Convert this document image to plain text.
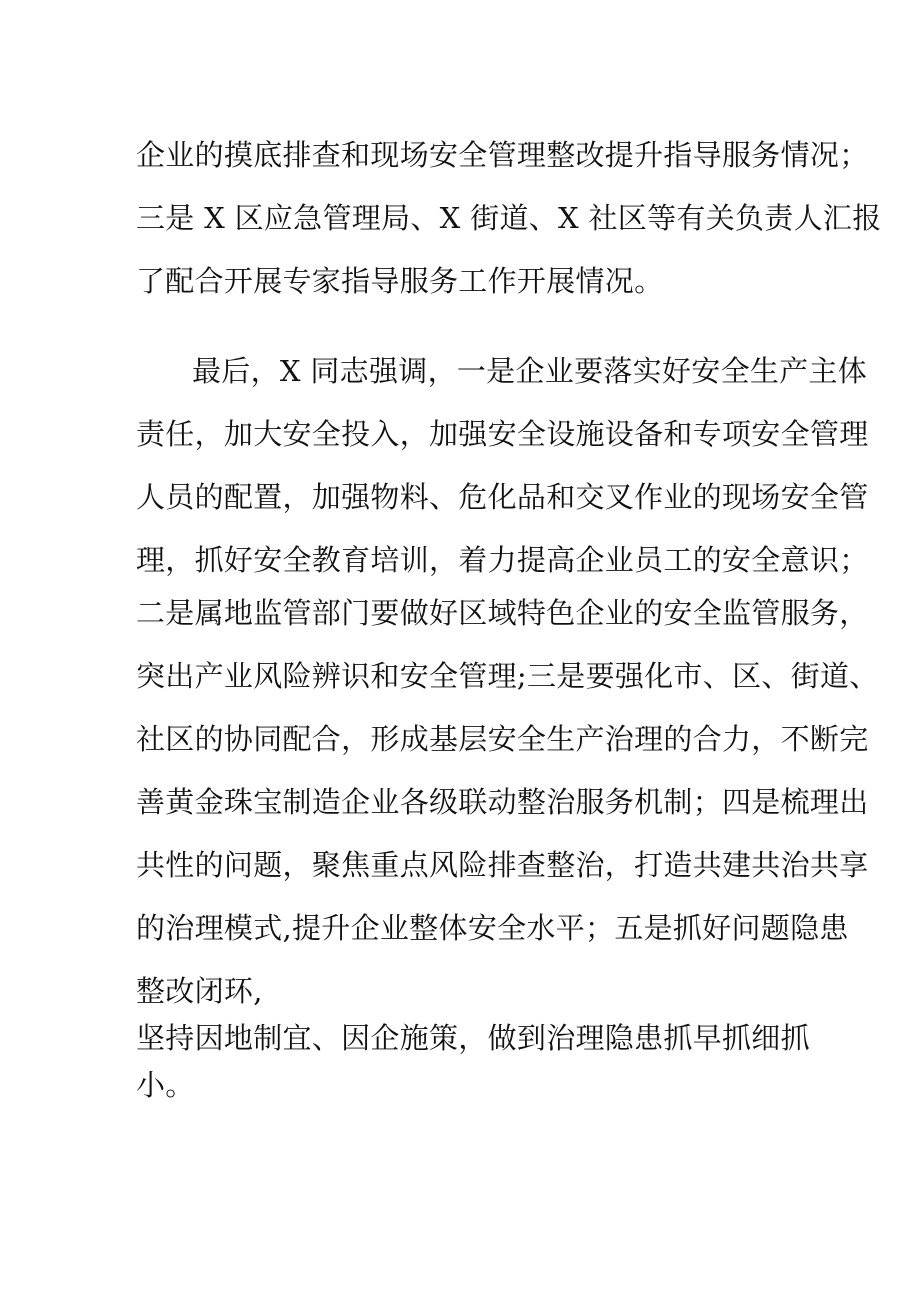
企业的摸底排查和现场安全管理整改提升指导服务情况；
三是 X 区应急管理局、X 街道、X 社区等有关负责人汇报
了配合开展专家指导服务工作开展情况。
最后，X 同志强调，一是企业要落实好安全生产主体
责任，加大安全投入，加强安全设施设备和专项安全管理
人员的配置，加强物料、危化品和交叉作业的现场安全管
理，抓好安全教育培训，着力提高企业员工的安全意识；
二是属地监管部门要做好区域特色企业的安全监管服务，
突出产业风险辨识和安全管理;三是要强化市、区、街道、
社区的协同配合，形成基层安全生产治理的合力，不断完
善黄金珠宝制造企业各级联动整治服务机制；四是梳理出
共性的问题，聚焦重点风险排查整治，打造共建共治共享
的治理模式,提升企业整体安全水平；五是抓好问题隐患
整改闭环,
坚持因地制宜、因企施策，做到治理隐患抓早抓细抓
小。
